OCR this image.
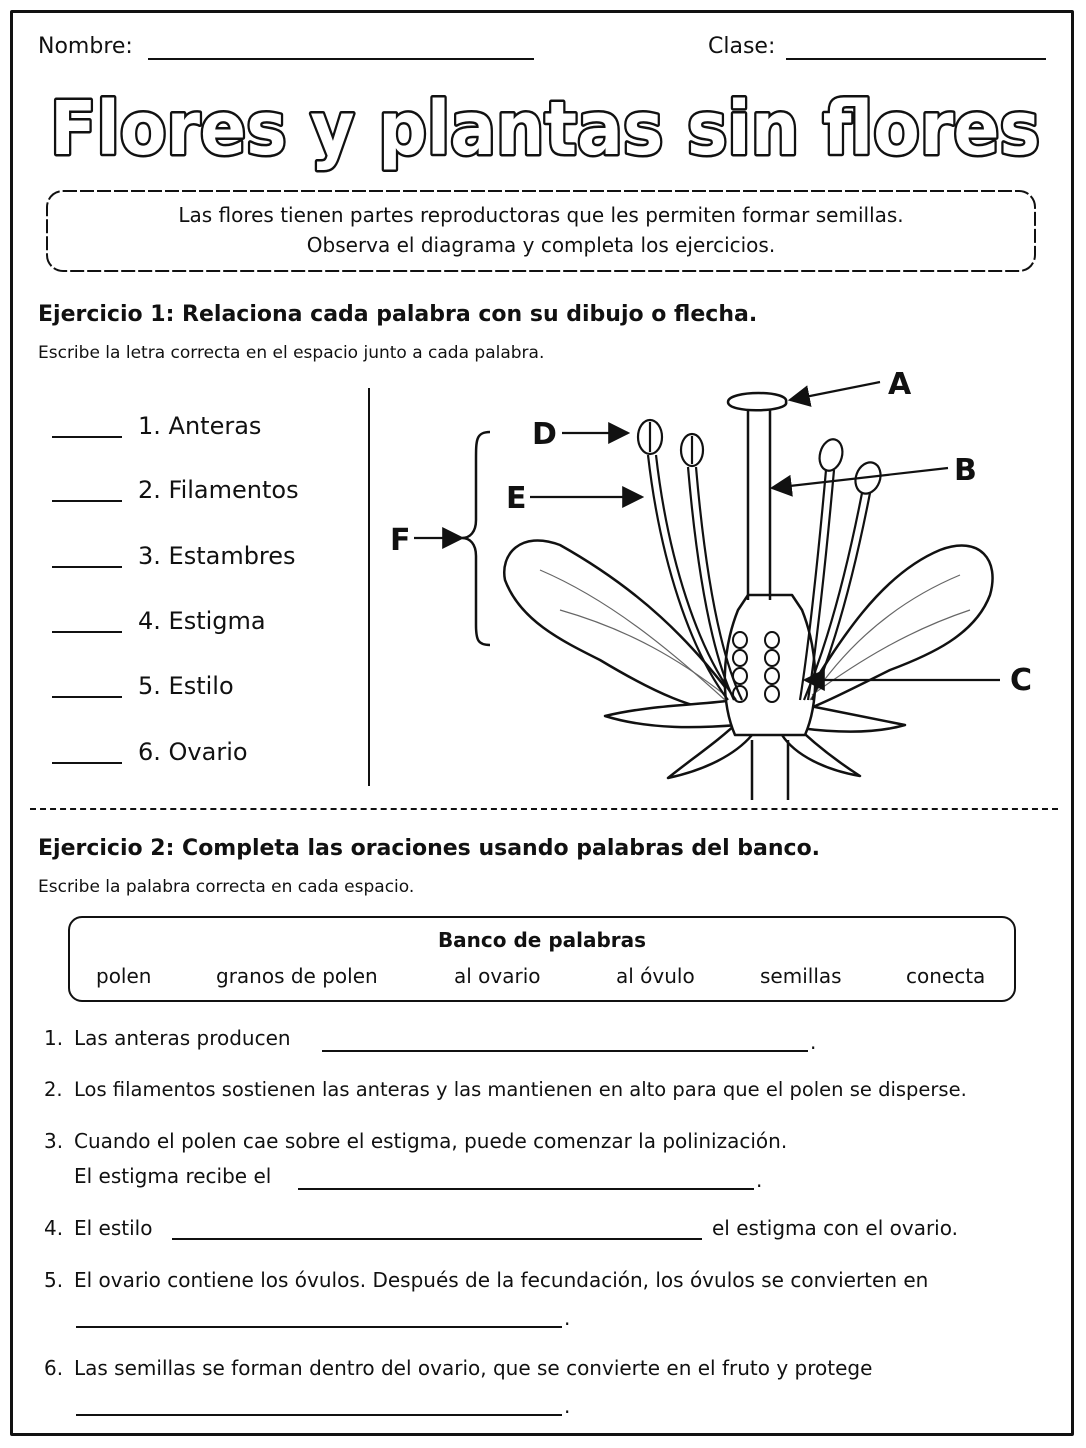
Nombre:	Clase:
Flores y plantas sin flores
Las flores tienen partes reproductoras que les permiten formar semillas.
Observa el diagrama y completa los ejercicios.
Ejercicio 1: Relaciona cada palabra con su dibujo o flecha.
Escribe la letra correcta en el espacio junto a cada palabra.
1. Anteras
2. Filamentos
3. Estambres
4. Estigma
5. Estilo
6. Ovario
A
B
C
D
E
F
Ejercicio 2: Completa las oraciones usando palabras del banco.
Escribe la palabra correcta en cada espacio.
Banco de palabras
polen	granos de polen	al ovario	al óvulo	semillas	conecta
1. Las anteras producen	.
2. Los filamentos sostienen las anteras y las mantienen en alto para que el polen se disperse.
3. Cuando el polen cae sobre el estigma, puede comenzar la polinización.
El estigma recibe el	.
4. El estilo	el estigma con el ovario.
5. El ovario contiene los óvulos. Después de la fecundación, los óvulos se convierten en
.
6. Las semillas se forman dentro del ovario, que se convierte en el fruto y protege
.
